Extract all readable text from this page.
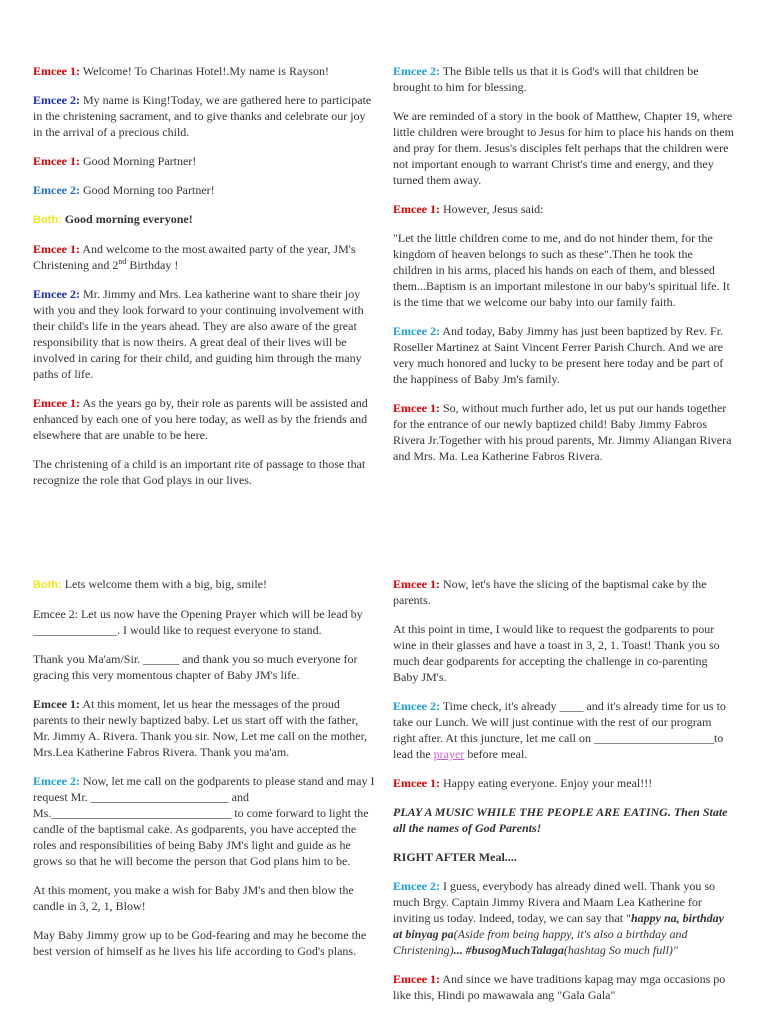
Emcee 1: Welcome! To Charinas Hotel!.My name is Rayson!

Emcee 2: My name is King!Today, we are gathered here to participate in the christening sacrament, and to give thanks and celebrate our joy in the arrival of a precious child.

Emcee 1: Good Morning Partner!

Emcee 2: Good Morning too Partner!

Both: Good morning everyone!

Emcee 1: And welcome to the most awaited party of the year, JM's Christening and 2nd Birthday !

Emcee 2: Mr. Jimmy and Mrs. Lea katherine want to share their joy with you and they look forward to your continuing involvement with their child's life in the years ahead. They are also aware of the great responsibility that is now theirs. A great deal of their lives will be involved in caring for their child, and guiding him through the many paths of life.

Emcee 1: As the years go by, their role as parents will be assisted and enhanced by each one of you here today, as well as by the friends and elsewhere that are unable to be here.

The christening of a child is an important rite of passage to those that recognize the role that God plays in our lives.

Emcee 2: The Bible tells us that it is God's will that children be brought to him for blessing.

We are reminded of a story in the book of Matthew, Chapter 19, where little children were brought to Jesus for him to place his hands on them and pray for them. Jesus's disciples felt perhaps that the children were not important enough to warrant Christ's time and energy, and they turned them away.

Emcee 1: However, Jesus said:

"Let the little children come to me, and do not hinder them, for the kingdom of heaven belongs to such as these".Then he took the children in his arms, placed his hands on each of them, and blessed them...Baptism is an important milestone in our baby's spiritual life. It is the time that we welcome our baby into our family faith.

Emcee 2: And today, Baby Jimmy has just been baptized by Rev. Fr. Roseller Martinez at Saint Vincent Ferrer Parish Church. And we are very much honored and lucky to be present here today and be part of the happiness of Baby Jm's family.

Emcee 1: So, without much further ado, let us put our hands together for the entrance of our newly baptized child! Baby Jimmy Fabros Rivera Jr.Together with his proud parents, Mr. Jimmy Aliangan Rivera and Mrs. Ma. Lea Katherine Fabros Rivera.

Both: Lets welcome them with a big, big, smile!

Emcee 2: Let us now have the Opening Prayer which will be lead by ______________. I would like to request everyone to stand.

Thank you Ma'am/Sir. ______ and thank you so much everyone for gracing this very momentous chapter of Baby JM's life.

Emcee 1: At this moment, let us hear the messages of the proud parents to their newly baptized baby. Let us start off with the father, Mr. Jimmy A. Rivera. Thank you sir. Now, Let me call on the mother, Mrs.Lea Katherine Fabros Rivera. Thank you ma'am.

Emcee 2: Now, let me call on the godparents to please stand and may I request Mr. _______________________ and Ms.______________________________ to come forward to light the candle of the baptismal cake. As godparents, you have accepted the roles and responsibilities of being Baby JM's light and guide as he grows so that he will become the person that God plans him to be.

At this moment, you make a wish for Baby JM's and then blow the candle in 3, 2, 1, Blow!

May Baby Jimmy grow up to be God-fearing and may he become the best version of himself as he lives his life according to God's plans.

Emcee 1: Now, let's have the slicing of the baptismal cake by the parents.

At this point in time, I would like to request the godparents to pour wine in their glasses and have a toast in 3, 2, 1. Toast! Thank you so much dear godparents for accepting the challenge in co-parenting Baby JM's.

Emcee 2: Time check, it's already ____ and it's already time for us to take our Lunch. We will just continue with the rest of our program right after. At this juncture, let me call on ____________________to lead the prayer before meal.

Emcee 1: Happy eating everyone. Enjoy your meal!!!

PLAY A MUSIC WHILE THE PEOPLE ARE EATING. Then State all the names of God Parents!

RIGHT AFTER Meal....

Emcee 2: I guess, everybody has already dined well. Thank you so much Brgy. Captain Jimmy Rivera and Maam Lea Katherine for inviting us today. Indeed, today, we can say that "happy na, birthday at binyag pa(Aside from being happy, it's also a birthday and Christening)... #busogMuchTalaga(hashtag So much full)"

Emcee 1: And since we have traditions kapag may mga occasions po like this, Hindi po mawawala ang "Gala Gala"
